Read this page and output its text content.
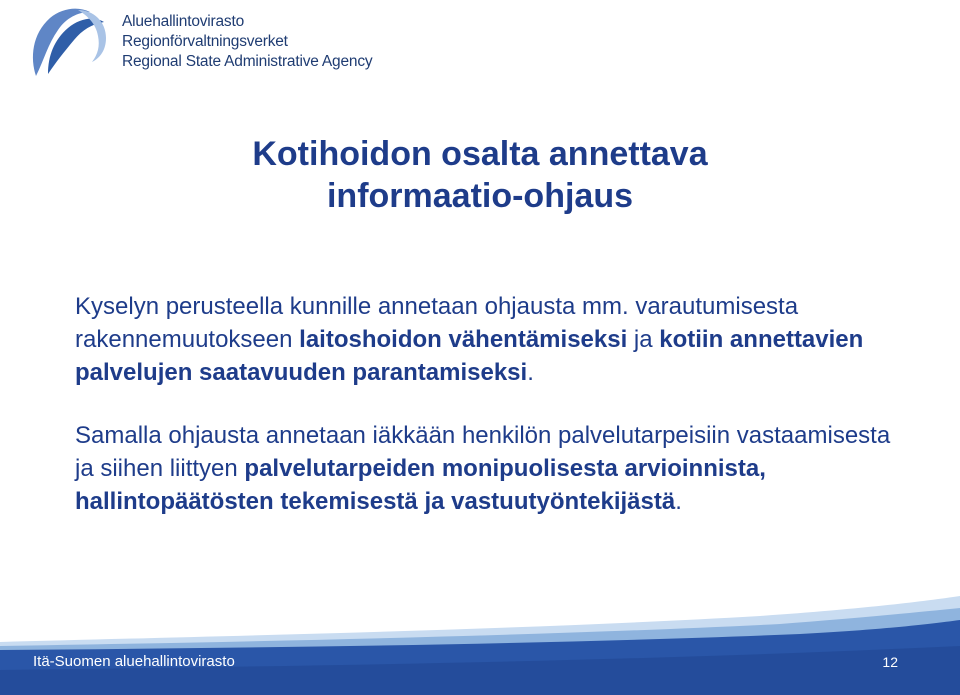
Aluehallintovirasto
Regionförvaltningsverket
Regional State Administrative Agency
Kotihoidon osalta annettava
informaatio-ohjaus
Kyselyn perusteella kunnille annetaan ohjausta mm. varautumisesta rakennemuutokseen laitoshoidon vähentämiseksi ja kotiin annettavien palvelujen saatavuuden parantamiseksi.
Samalla ohjausta annetaan iäkkään henkilön palvelutarpeisiin vastaamisesta ja siihen liittyen palvelutarpeiden monipuolisesta arvioinnista, hallintopäätösten tekemisestä ja vastuutyöntekijästä.
Itä-Suomen aluehallintovirasto	12
